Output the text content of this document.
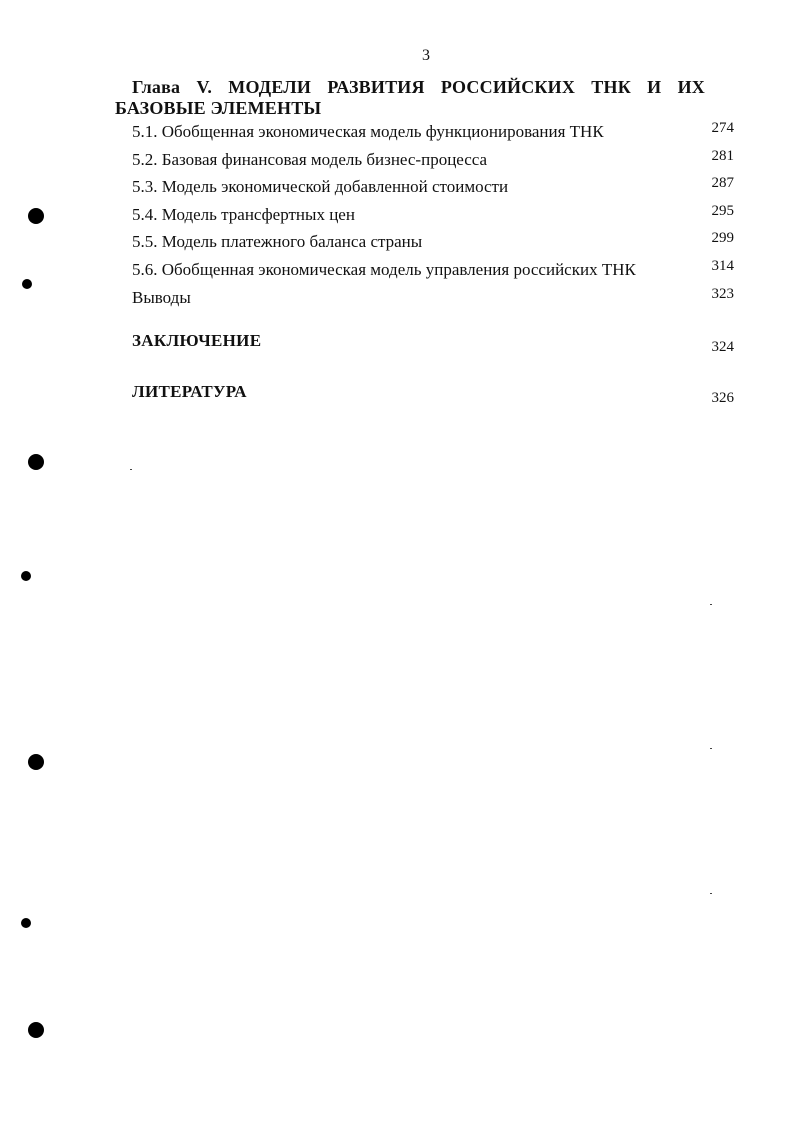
3
Глава V. МОДЕЛИ РАЗВИТИЯ РОССИЙСКИХ ТНК И ИХ
БАЗОВЫЕ ЭЛЕМЕНТЫ
5.1. Обобщенная экономическая модель функционирования ТНК	274
5.2. Базовая финансовая модель бизнес-процесса	281
5.3. Модель экономической добавленной стоимости	287
5.4. Модель трансфертных цен	295
5.5. Модель платежного баланса страны	299
5.6. Обобщенная экономическая модель управления российских ТНК	314
Выводы	323
ЗАКЛЮЧЕНИЕ	324
ЛИТЕРАТУРА	326
